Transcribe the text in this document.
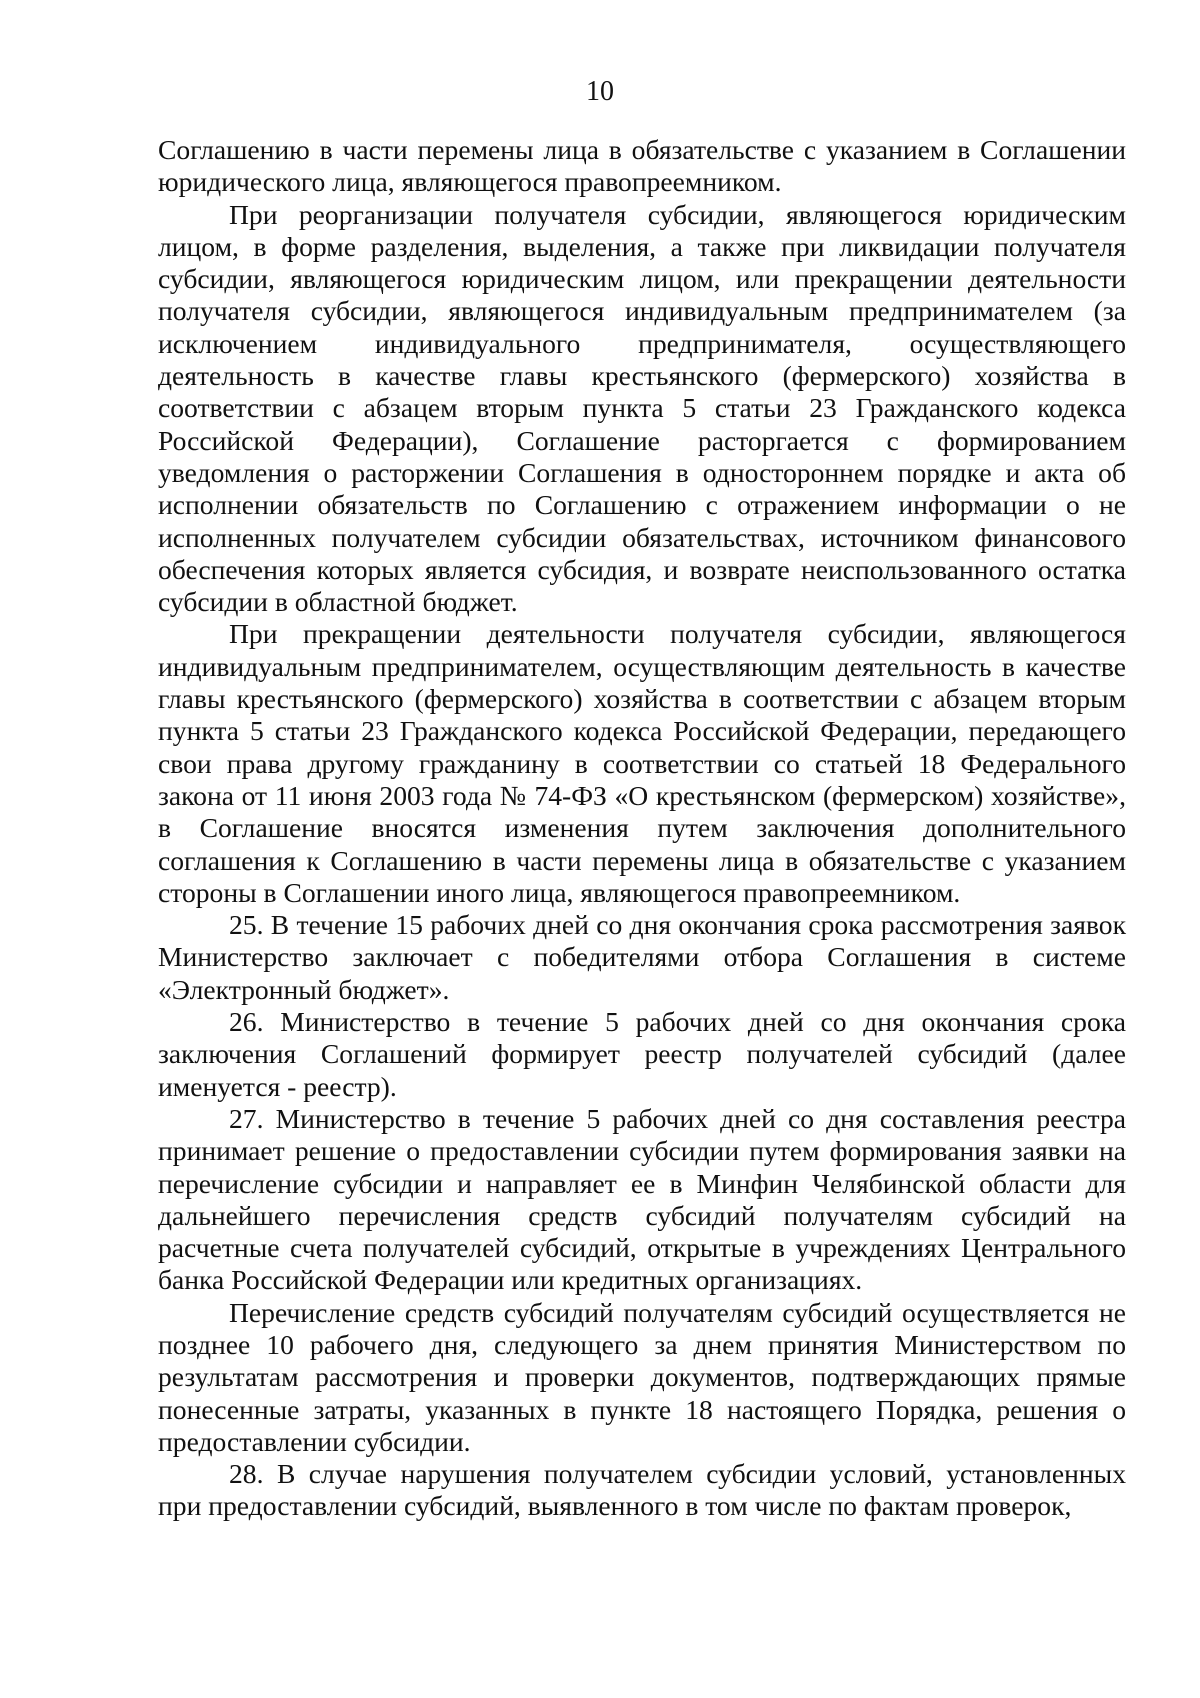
10

Соглашению в части перемены лица в обязательстве с указанием в Соглашении юридического лица, являющегося правопреемником.

При реорганизации получателя субсидии, являющегося юридическим лицом, в форме разделения, выделения, а также при ликвидации получателя субсидии, являющегося юридическим лицом, или прекращении деятельности получателя субсидии, являющегося индивидуальным предпринимателем (за исключением индивидуального предпринимателя, осуществляющего деятельность в качестве главы крестьянского (фермерского) хозяйства в соответствии с абзацем вторым пункта 5 статьи 23 Гражданского кодекса Российской Федерации), Соглашение расторгается с формированием уведомления о расторжении Соглашения в одностороннем порядке и акта об исполнении обязательств по Соглашению с отражением информации о не исполненных получателем субсидии обязательствах, источником финансового обеспечения которых является субсидия, и возврате неиспользованного остатка субсидии в областной бюджет.

При прекращении деятельности получателя субсидии, являющегося индивидуальным предпринимателем, осуществляющим деятельность в качестве главы крестьянского (фермерского) хозяйства в соответствии с абзацем вторым пункта 5 статьи 23 Гражданского кодекса Российской Федерации, передающего свои права другому гражданину в соответствии со статьей 18 Федерального закона от 11 июня 2003 года № 74-ФЗ «О крестьянском (фермерском) хозяйстве», в Соглашение вносятся изменения путем заключения дополнительного соглашения к Соглашению в части перемены лица в обязательстве с указанием стороны в Соглашении иного лица, являющегося правопреемником.

25. В течение 15 рабочих дней со дня окончания срока рассмотрения заявок Министерство заключает с победителями отбора Соглашения в системе «Электронный бюджет».

26. Министерство в течение 5 рабочих дней со дня окончания срока заключения Соглашений формирует реестр получателей субсидий (далее именуется - реестр).

27. Министерство в течение 5 рабочих дней со дня составления реестра принимает решение о предоставлении субсидии путем формирования заявки на перечисление субсидии и направляет ее в Минфин Челябинской области для дальнейшего перечисления средств субсидий получателям субсидий на расчетные счета получателей субсидий, открытые в учреждениях Центрального банка Российской Федерации или кредитных организациях.

Перечисление средств субсидий получателям субсидий осуществляется не позднее 10 рабочего дня, следующего за днем принятия Министерством по результатам рассмотрения и проверки документов, подтверждающих прямые понесенные затраты, указанных в пункте 18 настоящего Порядка, решения о предоставлении субсидии.

28. В случае нарушения получателем субсидии условий, установленных при предоставлении субсидий, выявленного в том числе по фактам проверок,
